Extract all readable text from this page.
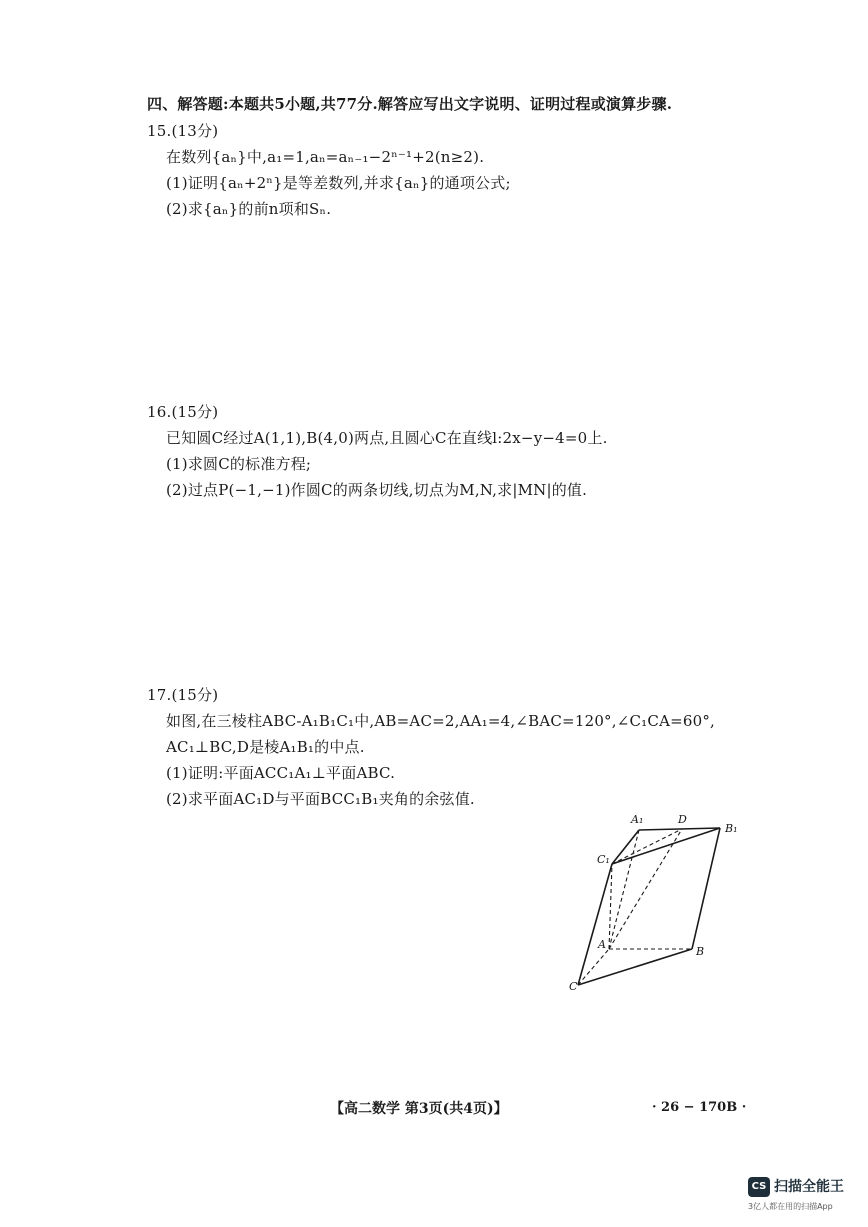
四、解答题:本题共5小题,共77分.解答应写出文字说明、证明过程或演算步骤.
15.(13分)
在数列{aₙ}中,a₁=1,aₙ=aₙ₋₁−2ⁿ⁻¹+2(n≥2).
(1)证明{aₙ+2ⁿ}是等差数列,并求{aₙ}的通项公式;
(2)求{aₙ}的前n项和Sₙ.
16.(15分)
已知圆C经过A(1,1),B(4,0)两点,且圆心C在直线l:2x−y−4=0上.
(1)求圆C的标准方程;
(2)过点P(−1,−1)作圆C的两条切线,切点为M,N,求|MN|的值.
17.(15分)
如图,在三棱柱ABC-A₁B₁C₁中,AB=AC=2,AA₁=4,∠BAC=120°,∠C₁CA=60°,
AC₁⊥BC,D是棱A₁B₁的中点.
(1)证明:平面ACC₁A₁⊥平面ABC.
(2)求平面AC₁D与平面BCC₁B₁夹角的余弦值.
A₁	D
B₁
C₁
A
B
C
【高二数学 第3页(共4页)】	· 26 − 170B ·
CS 扫描全能王
3亿人都在用的扫描App
